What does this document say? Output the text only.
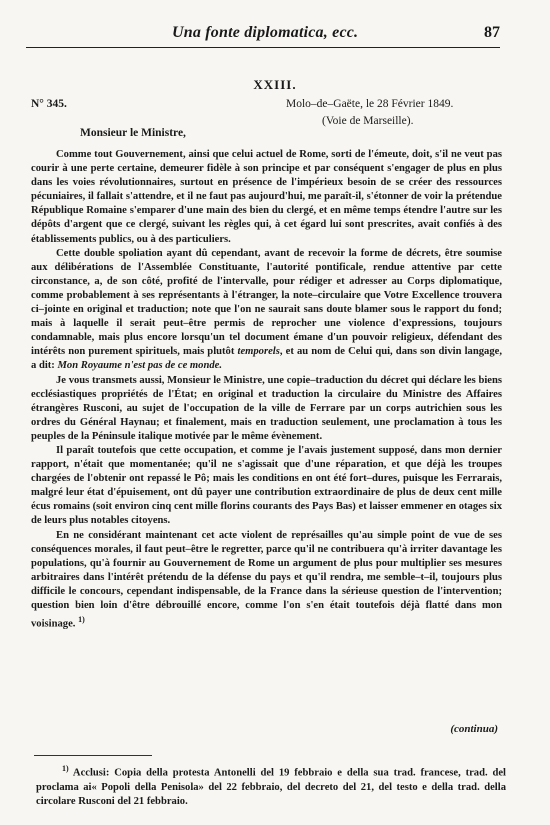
Una fonte diplomatica, ecc.	87
XXIII.
N° 345.	Molo–de–Gaëte, le 28 Février 1849.
(Voie de Marseille).
Monsieur le Ministre,

Comme tout Gouvernement, ainsi que celui actuel de Rome, sorti de l'émeute, doit, s'il ne veut pas courir à une perte certaine, demeurer fidèle à son principe et par conséquent s'engager de plus en plus dans les voies révolutionnaires, surtout en présence de l'impérieux besoin de se créer des ressources pécuniaires, il fallait s'attendre, et il ne faut pas aujourd'hui, me paraît-il, s'étonner de voir la prétendue République Romaine s'emparer d'une main des bien du clergé, et en même temps étendre l'autre sur les dépôts d'argent que ce clergé, suivant les règles qui, à cet égard lui sont prescrites, avait confiés à des établissements publics, ou à des particuliers.

Cette double spoliation ayant dû cependant, avant de recevoir la forme de décrets, être soumise aux délibérations de l'Assemblée Constituante, l'autorité pontificale, rendue attentive par cette circonstance, a, de son côté, profité de l'intervalle, pour rédiger et adresser au Corps diplomatique, comme probablement à ses représentants à l'étranger, la note–circulaire que Votre Excellence trouvera ci–jointe en original et traduction; note que l'on ne saurait sans doute blamer sous le rapport du fond; mais à laquelle il serait peut–être permis de reprocher une violence d'expressions, toujours condamnable, mais plus encore lorsqu'un tel document émane d'un pouvoir religieux, défendant des intérêts non purement spirituels, mais plutôt temporels, et au nom de Celui qui, dans son divin langage, a dit: Mon Royaume n'est pas de ce monde.

Je vous transmets aussi, Monsieur le Ministre, une copie–traduction du décret qui déclare les biens ecclésiastiques propriétés de l'État; en original et traduction la circulaire du Ministre des Affaires étrangères Rusconi, au sujet de l'occupation de la ville de Ferrare par un corps autrichien sous les ordres du Général Haynau; et finalement, mais en traduction seulement, une proclamation à tous les peuples de la Péninsule italique motivée par le même évènement.

Il paraît toutefois que cette occupation, et comme je l'avais justement supposé, dans mon dernier rapport, n'était que momentanée; qu'il ne s'agissait que d'une réparation, et que déjà les troupes chargées de l'obtenir ont repassé le Pô; mais les conditions en ont été fort–dures, puisque les Ferrarais, malgré leur état d'épuisement, ont dû payer une contribution extraordinaire de plus de deux cent mille écus romains (soit environ cinq cent mille florins courants des Pays Bas) et laisser emmener en otages six de leurs plus notables citoyens.

En ne considérant maintenant cet acte violent de représailles qu'au simple point de vue de ses conséquences morales, il faut peut–être le regretter, parce qu'il ne contribuera qu'à irriter davantage les populations, qu'à fournir au Gouvernement de Rome un argument de plus pour multiplier ses mesures arbitraires dans l'intérêt prétendu de la défense du pays et qu'il rendra, me semble–t–il, toujours plus difficile le concours, cependant indispensable, de la France dans la sérieuse question de l'intervention; question bien loin d'être débrouillé encore, comme l'on s'en était toutefois déjà flatté dans mon voisinage. $^{1)}$

(continua)
$^{1)}$ Acclusi: Copia della protesta Antonelli del 19 febbraio e della sua trad. francese, trad. del proclama ai« Popoli della Penisola» del 22 febbraio, del decreto del 21, del testo e della trad. della circolare Rusconi del 21 febbraio.
